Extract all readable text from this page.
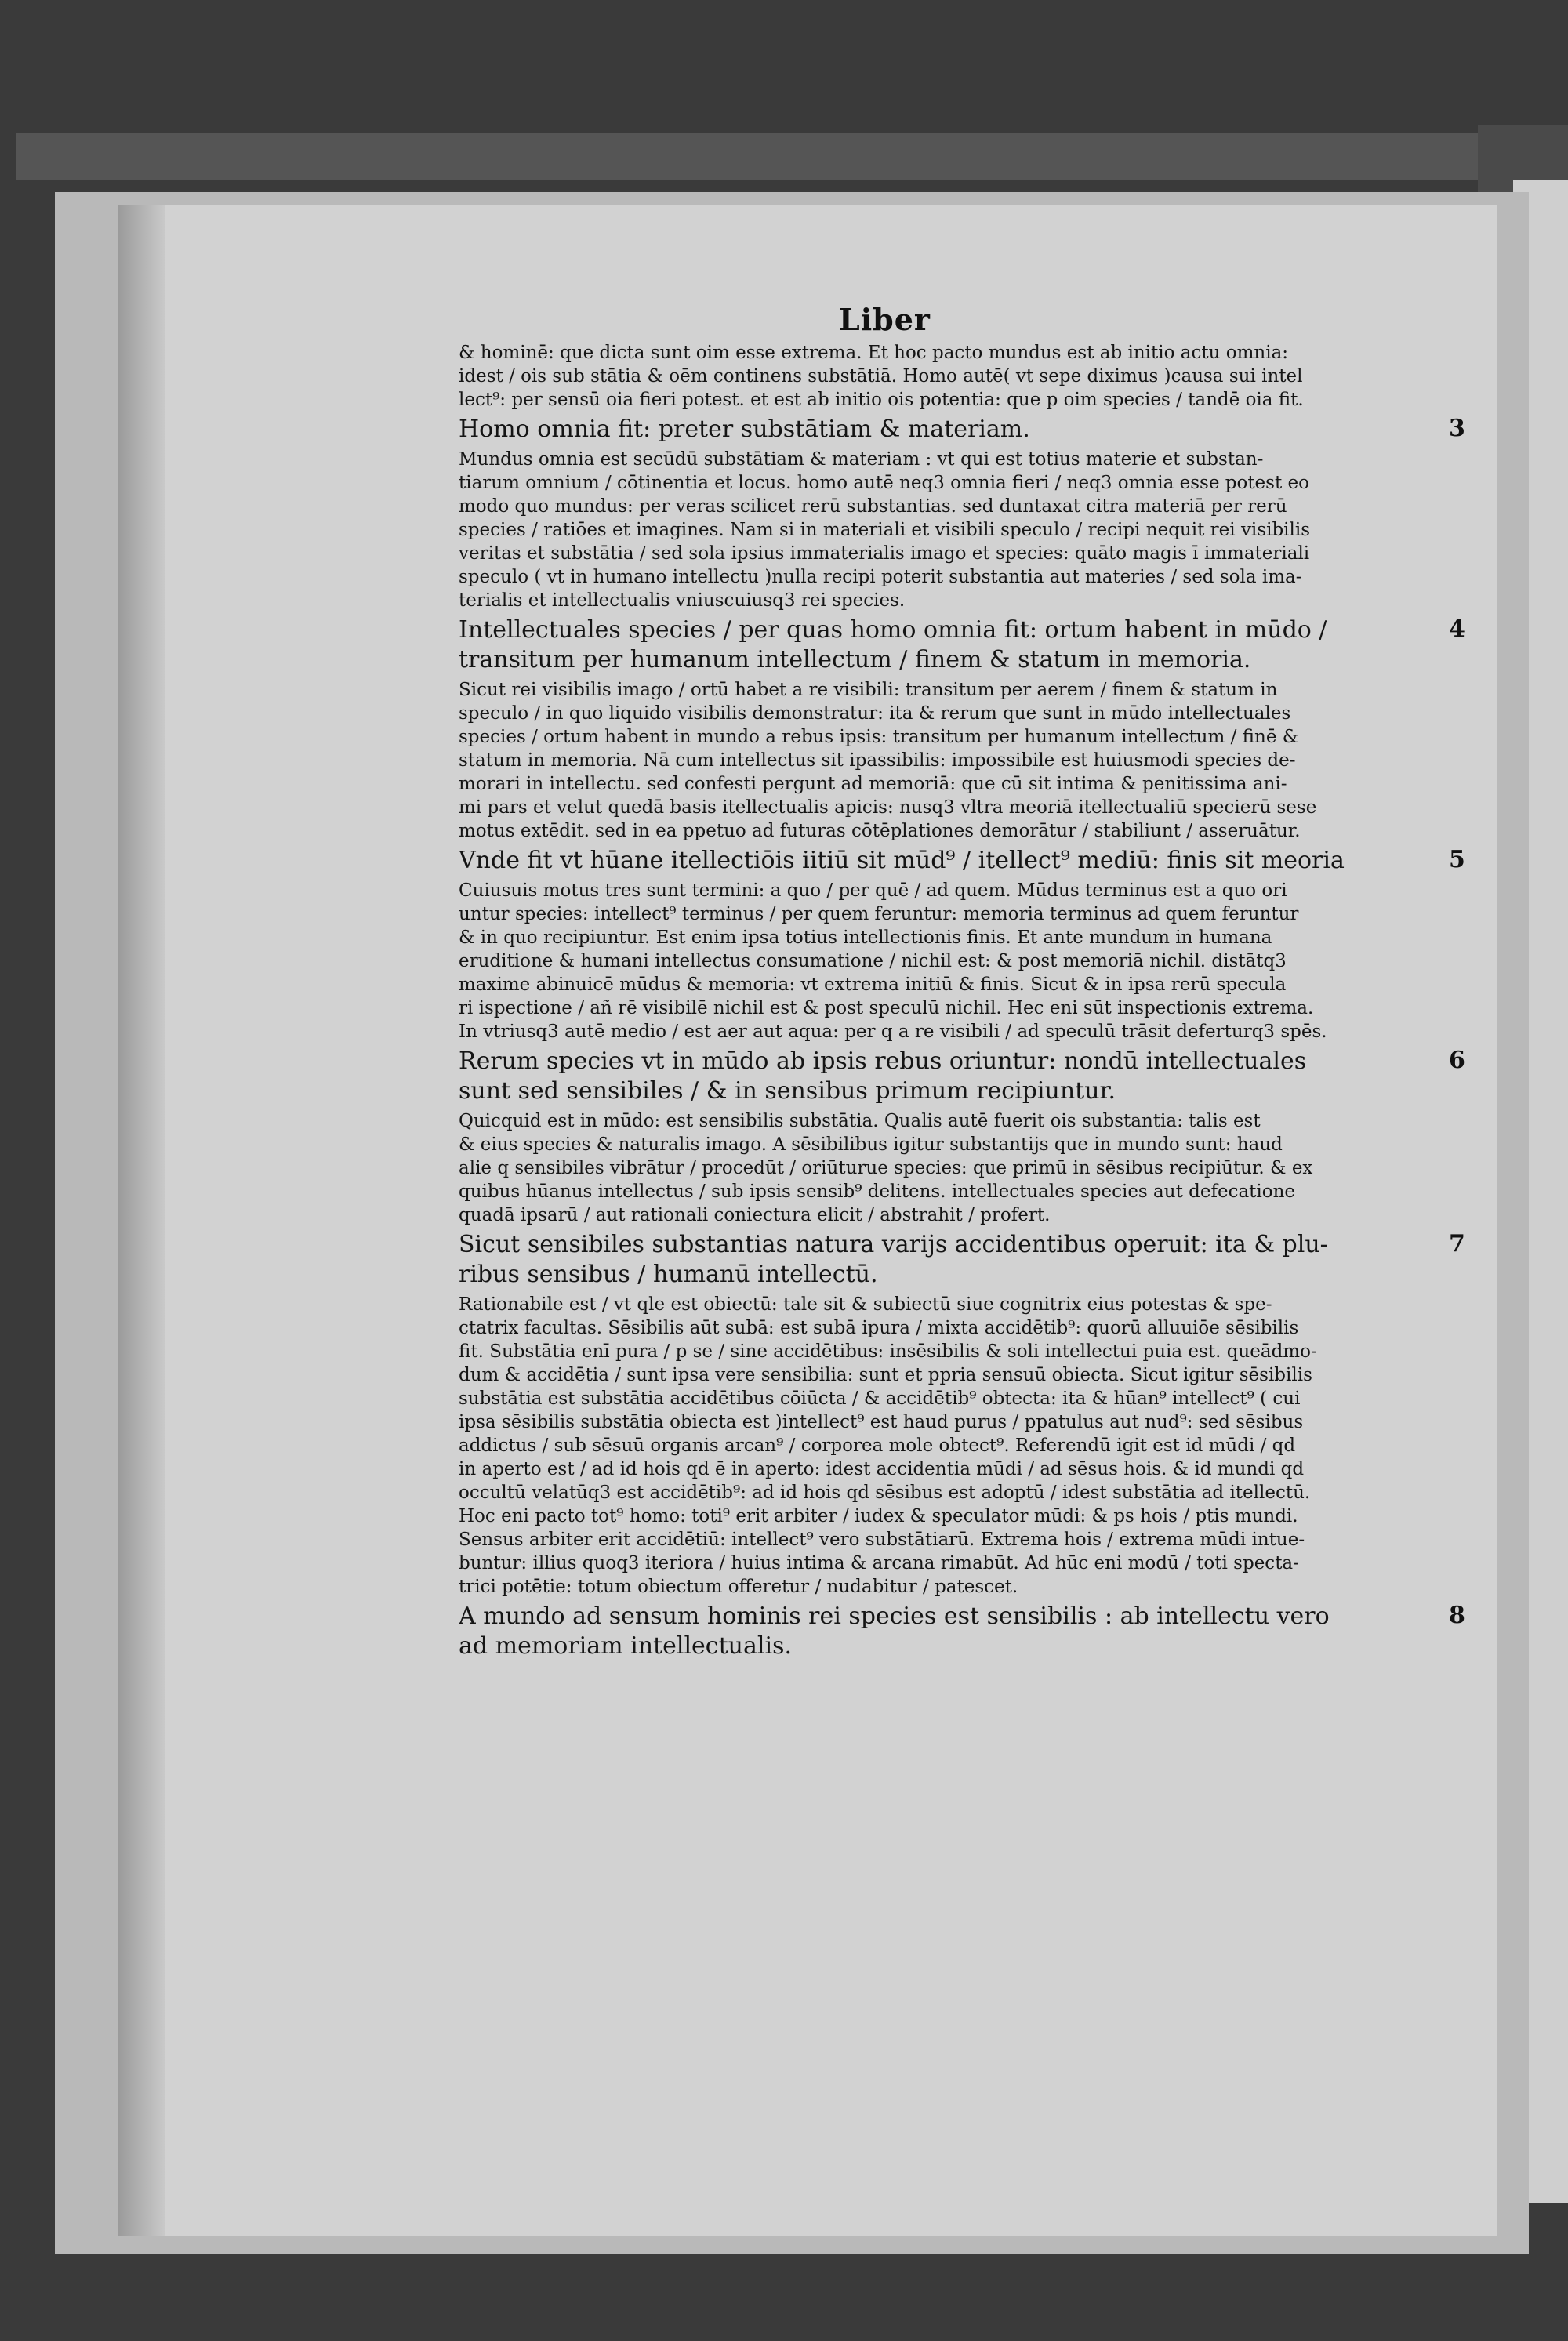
Liber
& hominē: que dicta sunt oim esse extrema. Et hoc pacto mundus est ab initio actu omnia:
idest / ois sub stātia & oēm continens substātiā. Homo autē( vt sepe diximus )causa sui intel
lect⁹: per sensū oia fieri potest. et est ab initio ois potentia: que p oim species / tandē oia fit.
Homo omnia fit: preter substātiam & materiam.
Mundus omnia est secūdū substātiam & materiam : vt qui est totius materie et substan-
tiarum omnium / cōtinentia et locus. homo autē neq3 omnia fieri / neq3 omnia esse potest eo
modo quo mundus: per veras scilicet rerū substantias. sed duntaxat citra materiā per rerū
species / ratiōes et imagines. Nam si in materiali et visibili speculo / recipi nequit rei visibilis
veritas et substātia / sed sola ipsius immaterialis imago et species: quāto magis ī immateriali
speculo ( vt in humano intellectu )nulla recipi poterit substantia aut materies / sed sola ima-
terialis et intellectualis vniuscuiusq3 rei species.
Intellectuales species / per quas homo omnia fit: ortum habent in mūdo /
transitum per humanum intellectum / finem & statum in memoria.
Sicut rei visibilis imago / ortū habet a re visibili: transitum per aerem / finem & statum in
speculo / in quo liquido visibilis demonstratur: ita & rerum que sunt in mūdo intellectuales
species / ortum habent in mundo a rebus ipsis: transitum per humanum intellectum / finē &
statum in memoria. Nā cum intellectus sit ipassibilis: impossibile est huiusmodi species de-
morari in intellectu. sed confesti pergunt ad memoriā: que cū sit intima & penitissima ani-
mi pars et velut quedā basis itellectualis apicis: nusq3 vltra meoriā itellectualiū specierū sese
motus extēdit. sed in ea ppetuo ad futuras cōtēplationes demorātur / stabiliunt / asseruātur.
Vnde fit vt hūane itellectiōis iitiū sit mūd⁹ / itellect⁹ mediū: finis sit meoria
Cuiusuis motus tres sunt termini: a quo / per quē / ad quem. Mūdus terminus est a quo ori
untur species: intellect⁹ terminus / per quem feruntur: memoria terminus ad quem feruntur
& in quo recipiuntur. Est enim ipsa totius intellectionis finis. Et ante mundum in humana
eruditione & humani intellectus consumatione / nichil est: & post memoriā nichil. distātq3
maxime abinuicē mūdus & memoria: vt extrema initiū & finis. Sicut & in ipsa rerū specula
ri ispectione / añ rē visibilē nichil est & post speculū nichil. Hec eni sūt inspectionis extrema.
In vtriusq3 autē medio / est aer aut aqua: per q a re visibili / ad speculū trāsit deferturq3 spēs.
Rerum species vt in mūdo ab ipsis rebus oriuntur: nondū intellectuales
sunt sed sensibiles / & in sensibus primum recipiuntur.
Quicquid est in mūdo: est sensibilis substātia. Qualis autē fuerit ois substantia: talis est
& eius species & naturalis imago. A sēsibilibus igitur substantijs que in mundo sunt: haud
alie q sensibiles vibrātur / procedūt / oriūturue species: que primū in sēsibus recipiūtur. & ex
quibus hūanus intellectus / sub ipsis sensib⁹ delitens. intellectuales species aut defecatione
quadā ipsarū / aut rationali coniectura elicit / abstrahit / profert.
Sicut sensibiles substantias natura varijs accidentibus operuit: ita & plu-
ribus sensibus / humanū intellectū.
Rationabile est / vt qle est obiectū: tale sit & subiectū siue cognitrix eius potestas & spe-
ctatrix facultas. Sēsibilis aūt subā: est subā ipura / mixta accidētib⁹: quorū alluuiōe sēsibilis
fit. Substātia enī pura / p se / sine accidētibus: insēsibilis & soli intellectui puia est. queādmo-
dum & accidētia / sunt ipsa vere sensibilia: sunt et ppria sensuū obiecta. Sicut igitur sēsibilis
substātia est substātia accidētibus cōiūcta / & accidētib⁹ obtecta: ita & hūan⁹ intellect⁹ ( cui
ipsa sēsibilis substātia obiecta est )intellect⁹ est haud purus / ppatulus aut nud⁹: sed sēsibus
addictus / sub sēsuū organis arcan⁹ / corporea mole obtect⁹. Referendū igit est id mūdi / qd
in aperto est / ad id hois qd ē in aperto: idest accidentia mūdi / ad sēsus hois. & id mundi qd
occultū velatūq3 est accidētib⁹: ad id hois qd sēsibus est adoptū / idest substātia ad itellectū.
Hoc eni pacto tot⁹ homo: toti⁹ erit arbiter / iudex & speculator mūdi: & ps hois / ptis mundi.
Sensus arbiter erit accidētiū: intellect⁹ vero substātiarū. Extrema hois / extrema mūdi intue-
buntur: illius quoq3 iteriora / huius intima & arcana rimabūt. Ad hūc eni modū / toti specta-
trici potētie: totum obiectum offeretur / nudabitur / patescet.
A mundo ad sensum hominis rei species est sensibilis : ab intellectu vero
ad memoriam intellectualis.
3
4
5
6
7
8
